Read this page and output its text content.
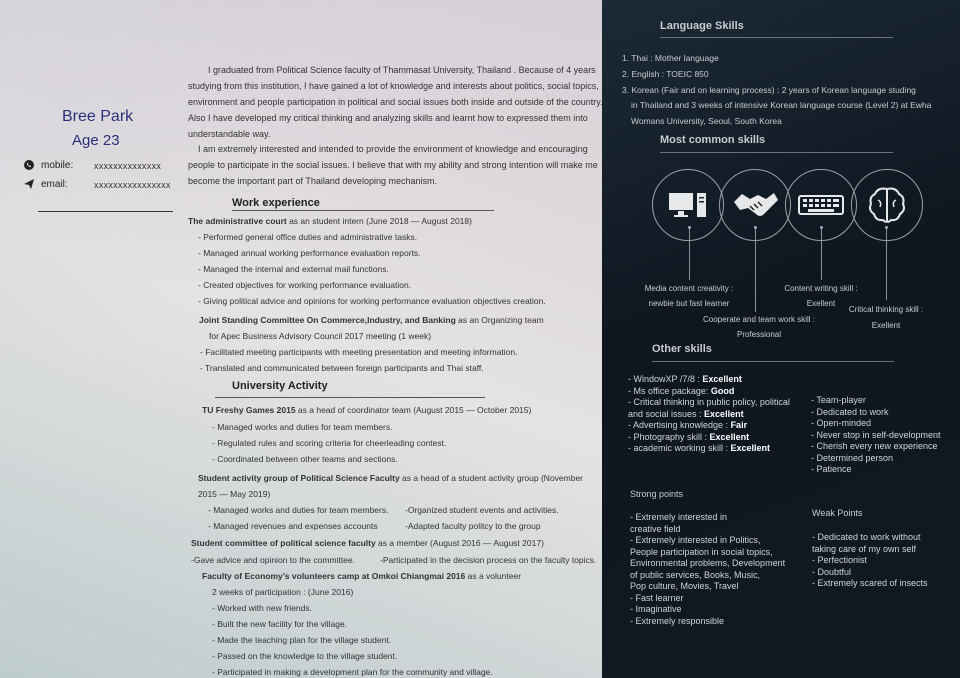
Bree Park
Age 23
mobile: xxxxxxxxxxxxxx
email:	xxxxxxxxxxxxxxxx
I graduated from Political Science faculty of Thammasat University, Thailand . Because of 4 years studying from this institution, I have gained a lot of knowledge and interests about politics, social topics, environment and people participation in political and social issues both inside and outside of the country. Also I have developed my critical thinking and analyzing skills and learnt how to expressed them into understandable way.
I am extremely interested and intended to provide the environment of knowledge and encouraging people to participate in the social issues. I believe that with my ability and strong intention will make me become the important part of Thailand developing mechanism.
Work experience
The administrative court as an student intern (June 2018 — August 2018)
- Performed general office duties and administrative tasks.
- Managed annual working performance evaluation reports.
- Managed the internal and external mail functions.
- Created objectives for working performance evaluation.
- Giving political advice and opinions for working performance evaluation objectives creation.
Joint Standing Committee On Commerce,Industry, and Banking as an Organizing team
for Apec Business Advisory Council 2017 meeting (1 week)
- Facilitated meeting participants with meeting presentation and meeting information.
- Translated and communicated between foreign participants and Thai staff.
University Activity
TU Freshy Games 2015 as a head of coordinator team (August 2015 — October 2015)
- Managed works and duties for team members.
- Regulated rules and scoring criteria for cheerleading contest.
- Coordinated between other teams and sections.
Student activity group of Political Science Faculty as a head of a student activity group (November
2015 — May 2019)
- Managed works and duties for team members. -Organized student events and activities.
- Managed revenues and expenses accounts	-Adapted faculty politcy to the group
Student committee of political science faculty as a member (August 2016 — August 2017)
-Gave advice and opinion to the committee.	-Participated in the decision process on the faculty topics.
Faculty of Economy’s volunteers camp at Omkoi Chiangmai 2016 as a volunteer
2 weeks of participation : (June 2016)
- Worked with new friends.
- Built the new facility for the village.
- Made the teaching plan for the village student.
- Passed on the knowledge to the village student.
- Participated in making a development plan for the community and village.
Language Skills
1. Thai : Mother language
2. English : TOEIC 850
3. Korean (Fair and on learning process) : 2 years of Korean language studing
in Thailand and 3 weeks of intensive Korean language course (Level 2) at Ewha
Womans University, Seoul, South Korea
Most common skills
Media content creativity :
newbie but fast learner
Content writing skill :
Exellent
Cooperate and team work skill :
Professional
Critical thinking skill :
Exellent
Other skills
- WindowXP /7/8 : Excellent
- Ms office package: Good
- Critical thinking in public policy, political and social issues : Excellent
- Advertising knowledge : Fair
- Photography skill : Excellent
- academic working skill : Excellent
- Team-player
- Dedicated to work
- Open-minded
- Never stop in self-development
- Cherish every new experience
- Determined person
- Patience
Strong points
- Extremely interested in
creative field
- Extremely interested in Politics,
People participation in social topics,
Environmental problems, Development
of public services, Books, Music,
Pop culture, Movies, Travel
- Fast learner
- Imaginative
- Extremely responsible
Weak Points
- Dedicated to work without
taking care of my own self
- Perfectionist
- Doubtful
- Extremely scared of insects
